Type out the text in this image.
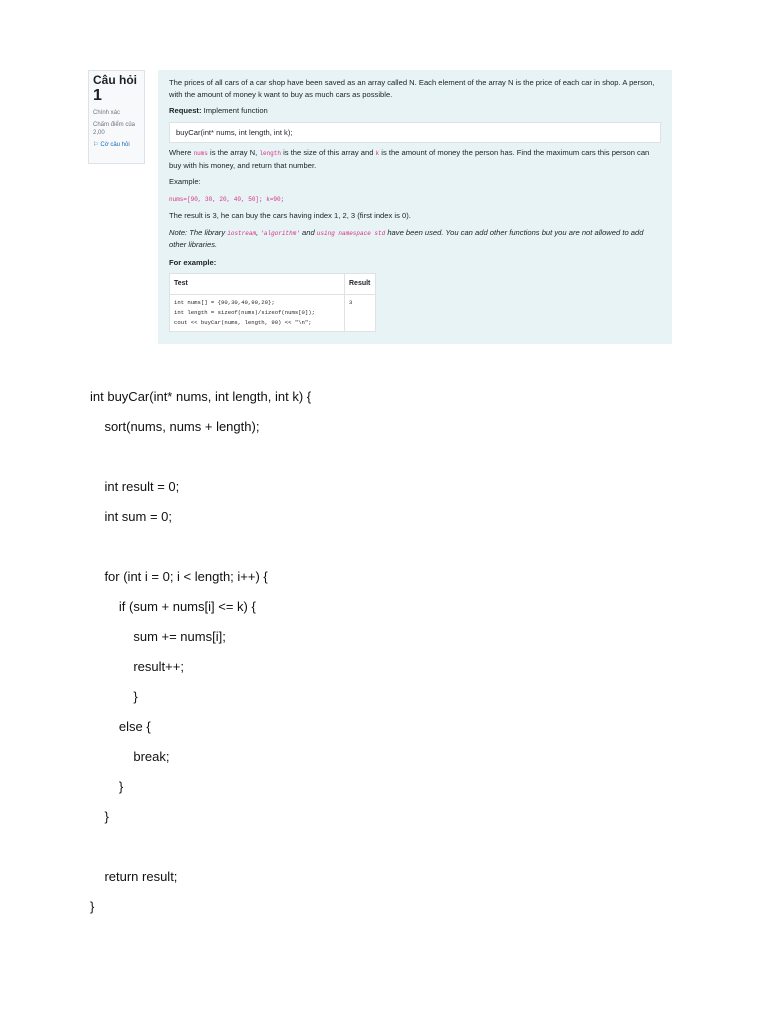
Câu hỏi
1
Chính xác
Chấm điểm của 2,00
⚐ Cờ câu hỏi

The prices of all cars of a car shop have been saved as an array called N. Each element of the array N is the price of each car in shop. A person, with the amount of money k want to buy as much cars as possible.

Request: Implement function

buyCar(int* nums, int length, int k);

Where nums is the array N, length is the size of this array and k is the amount of money the person has. Find the maximum cars this person can buy with his money, and return that number.

Example:

nums=[90, 30, 20, 40, 50]; k=90;

The result is 3, he can buy the cars having index 1, 2, 3 (first index is 0).

Note: The library iostream, 'algorithm' and using namespace std have been used. You can add other functions but you are not allowed to add other libraries.

For example:

Test	Result

int nums[] = {90,30,40,90,20};
int length = sizeof(nums)/sizeof(nums[0]);
cout << buyCar(nums, length, 90) << "\n";	3
int buyCar(int* nums, int length, int k) {
sort(nums, nums + length);
int result = 0;
int sum = 0;
for (int i = 0; i < length; i++) {
if (sum + nums[i] <= k) {
sum += nums[i];
result++;
}
else {
break;
}
}
return result;
}
